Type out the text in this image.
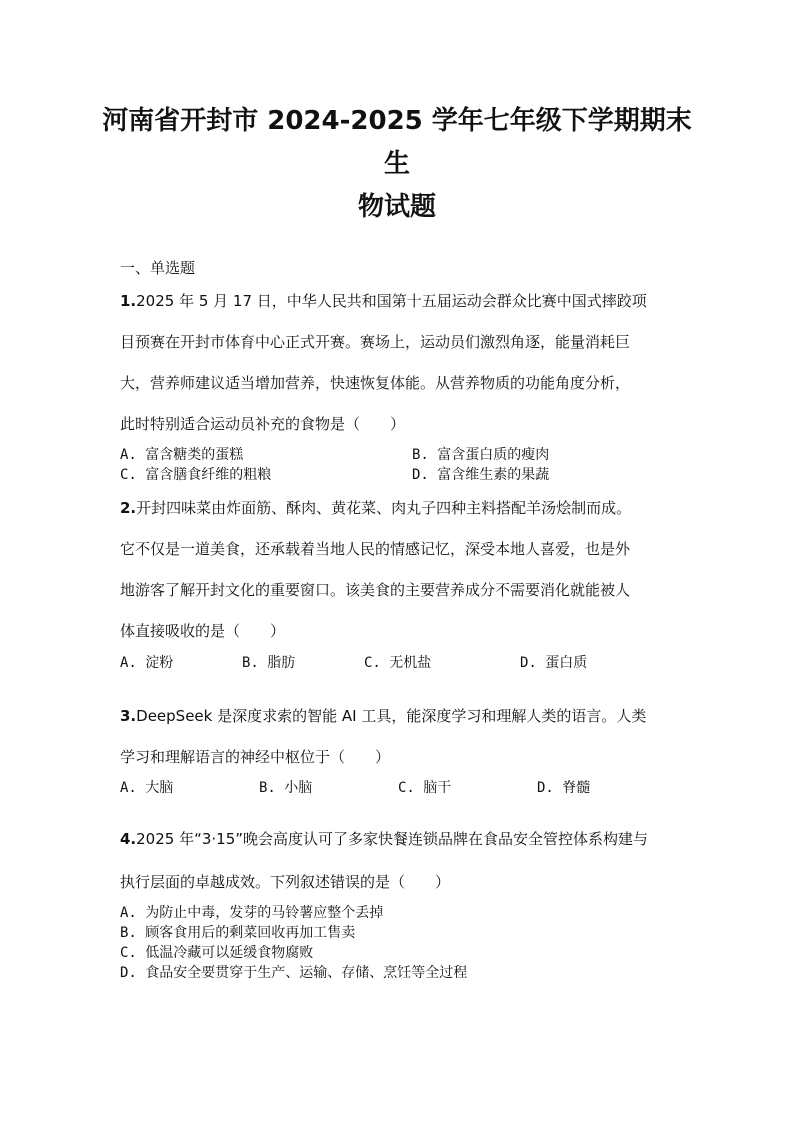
河南省开封市 2024-2025 学年七年级下学期期末生
物试题
一、单选题
1.2025 年 5 月 17 日，中华人民共和国第十五届运动会群众比赛中国式摔跤项
目预赛在开封市体育中心正式开赛。赛场上，运动员们激烈角逐，能量消耗巨
大，营养师建议适当增加营养，快速恢复体能。从营养物质的功能角度分析，
此时特别适合运动员补充的食物是（　　）
A. 富含糖类的蛋糕	B. 富含蛋白质的瘦肉
C. 富含膳食纤维的粗粮	D. 富含维生素的果蔬
2.开封四味菜由炸面筋、酥肉、黄花菜、肉丸子四种主料搭配羊汤烩制而成。
它不仅是一道美食，还承载着当地人民的情感记忆，深受本地人喜爱，也是外
地游客了解开封文化的重要窗口。该美食的主要营养成分不需要消化就能被人
体直接吸收的是（　　）
A. 淀粉	B. 脂肪	C. 无机盐	D. 蛋白质
3.DeepSeek 是深度求索的智能 AI 工具，能深度学习和理解人类的语言。人类
学习和理解语言的神经中枢位于（　　）
A. 大脑	B. 小脑	C. 脑干	D. 脊髓
4.2025 年“3·15”晚会高度认可了多家快餐连锁品牌在食品安全管控体系构建与
执行层面的卓越成效。下列叙述错误的是（　　）
A. 为防止中毒，发芽的马铃薯应整个丢掉
B. 顾客食用后的剩菜回收再加工售卖
C. 低温冷藏可以延缓食物腐败
D. 食品安全要贯穿于生产、运输、存储、烹饪等全过程
